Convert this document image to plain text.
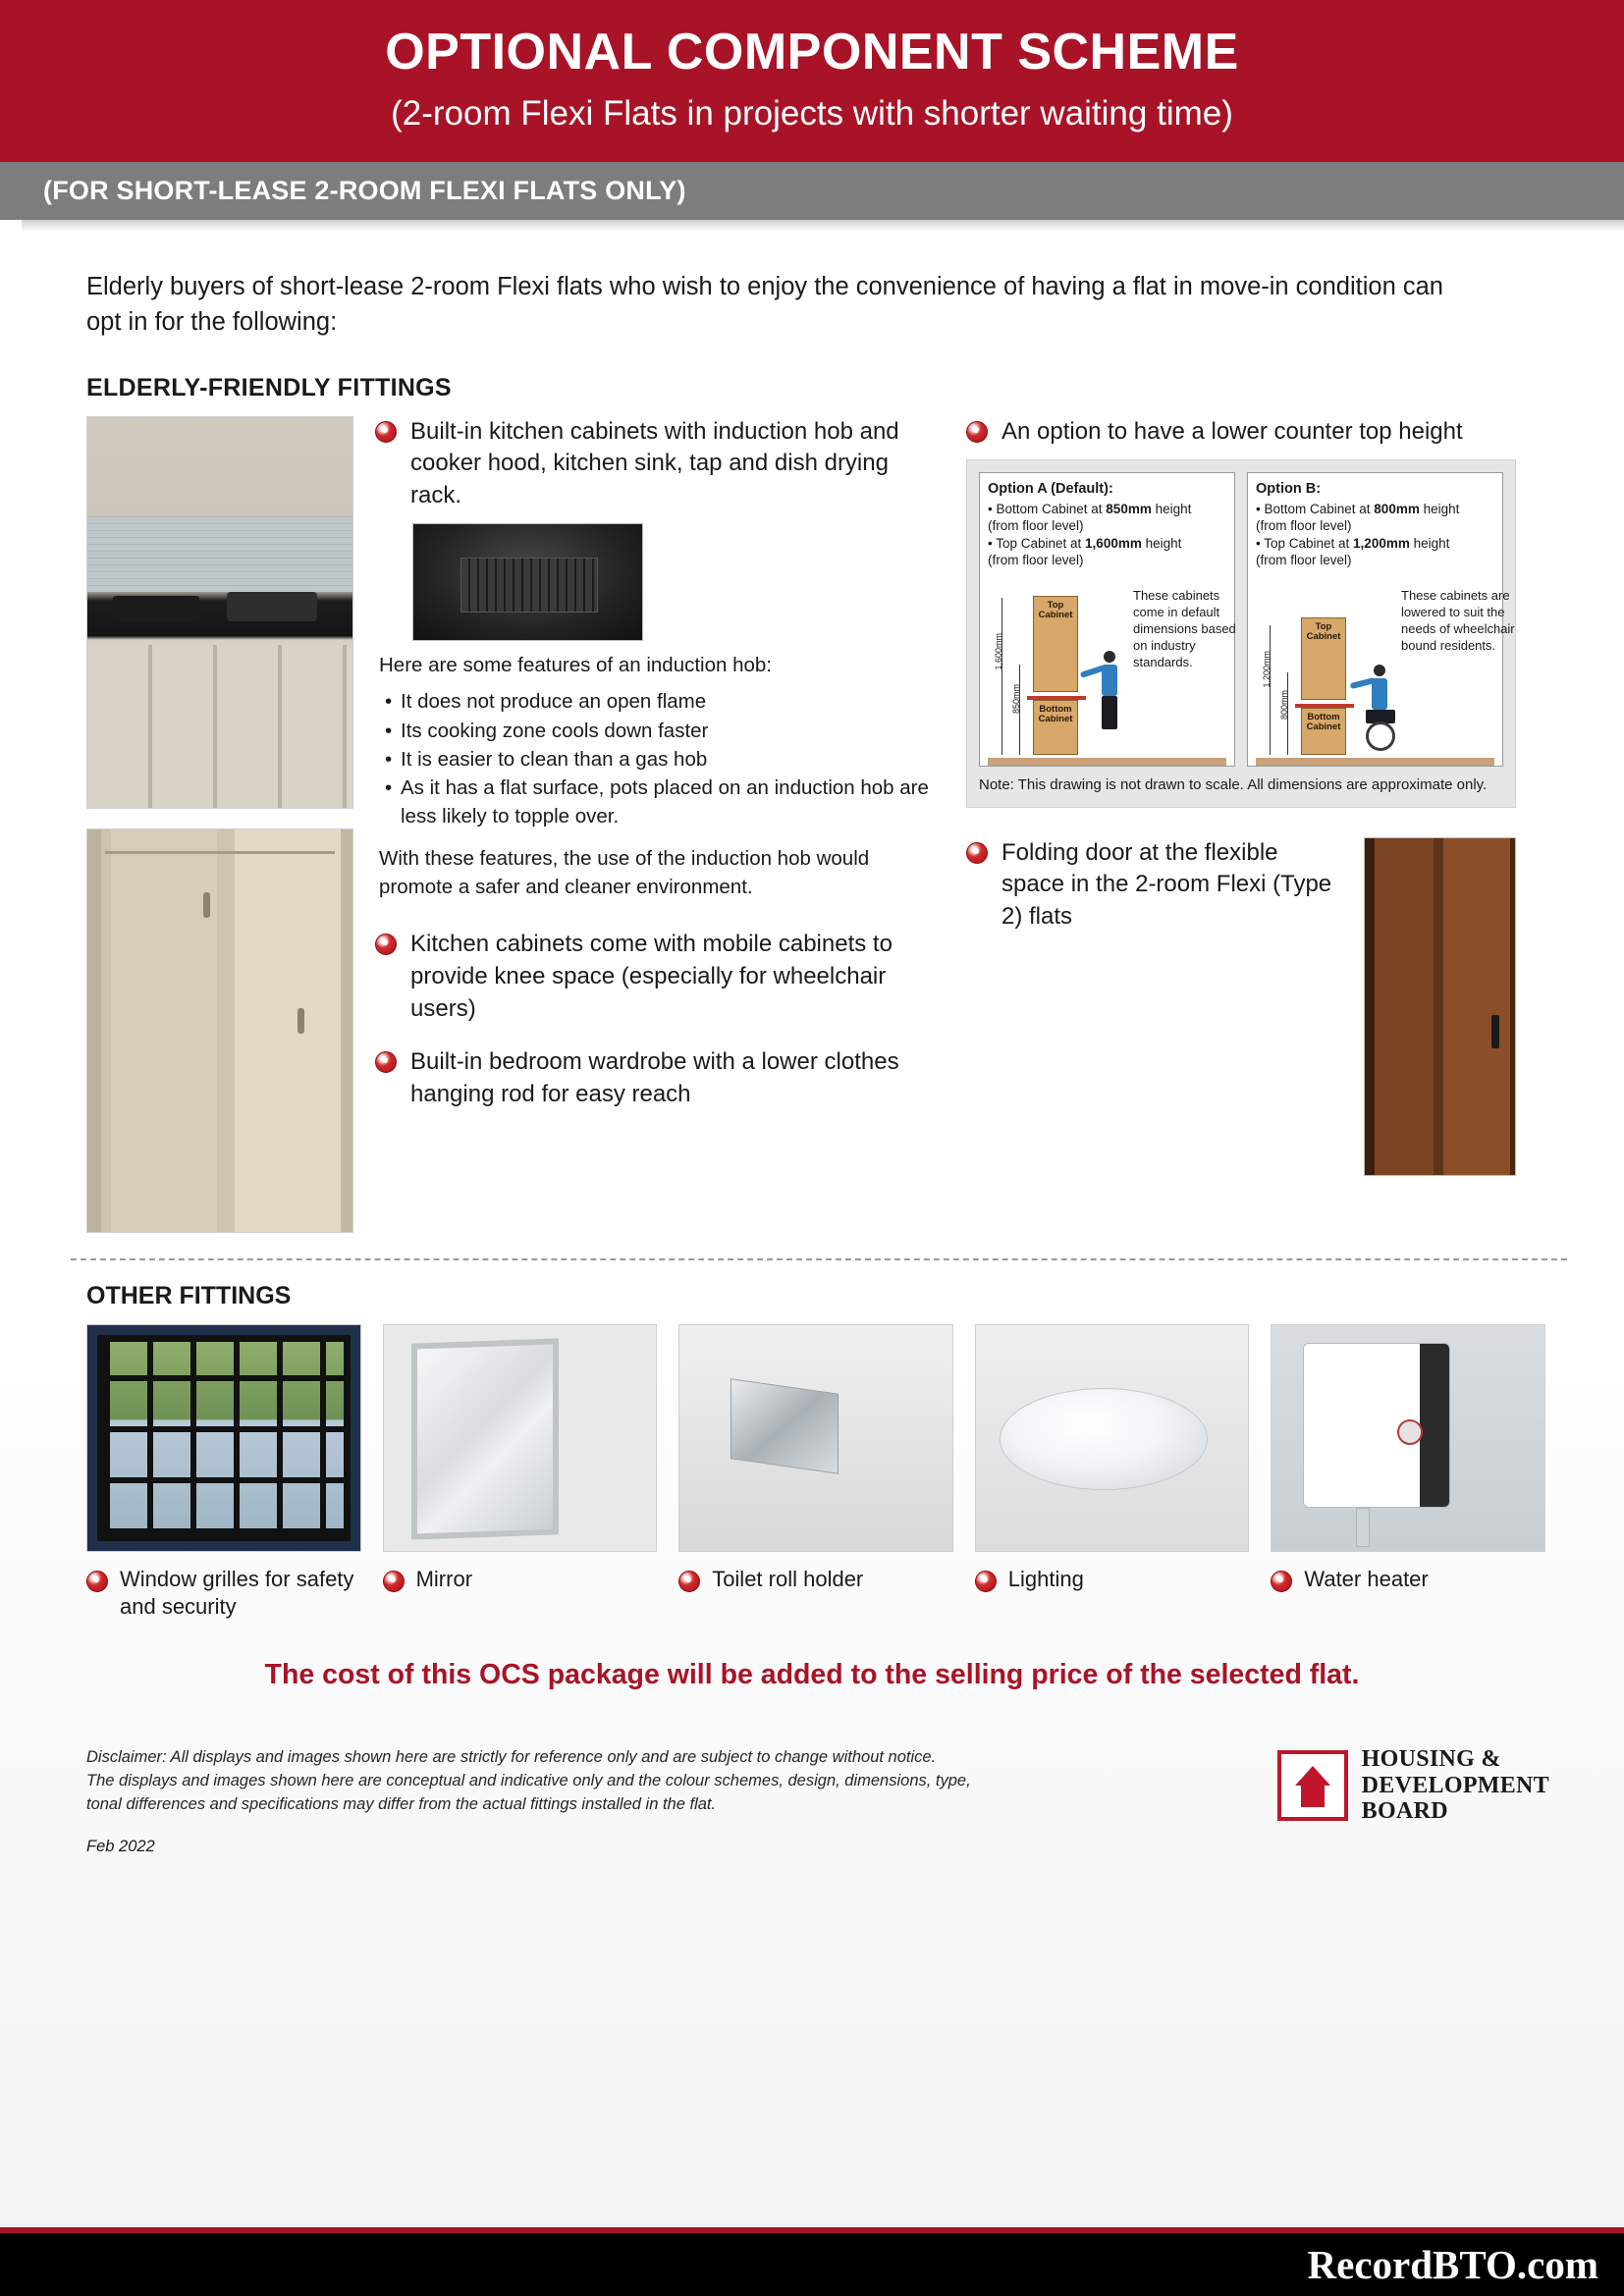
OPTIONAL COMPONENT SCHEME
(2-room Flexi Flats in projects with shorter waiting time)
(FOR SHORT-LEASE 2-ROOM FLEXI FLATS ONLY)

Elderly buyers of short-lease 2-room Flexi flats who wish to enjoy the convenience of having a flat in move-in condition can opt in for the following:

ELDERLY-FRIENDLY FITTINGS
Built-in kitchen cabinets with induction hob and cooker hood, kitchen sink, tap and dish drying rack.

Here are some features of an induction hob:

• It does not produce an open flame
• Its cooking zone cools down faster
• It is easier to clean than a gas hob
• As it has a flat surface, pots placed on an induction hob are less likely to topple over.

With these features, the use of the induction hob would promote a safer and cleaner environment.

Kitchen cabinets come with mobile cabinets to provide knee space (especially for wheelchair users)
Built-in bedroom wardrobe with a lower clothes hanging rod for easy reach
An option to have a lower counter top height
Option A (Default):
• Bottom Cabinet at 850mm height
(from floor level)
• Top Cabinet at 1,600mm height
(from floor level)
1,600mm
850mm
Top Cabinet
Bottom Cabinet
These cabinets come in default dimensions based on industry standards.
Option B:
• Bottom Cabinet at 800mm height
(from floor level)
• Top Cabinet at 1,200mm height
(from floor level)
1,200mm
800mm
Top Cabinet
Bottom Cabinet
These cabinets are lowered to suit the needs of wheelchair bound residents.
Note: This drawing is not drawn to scale. All dimensions are approximate only.
Folding door at the flexible space in the 2-room Flexi (Type 2) flats
OTHER FITTINGS
Window grilles for safety and security
Mirror	Toilet roll holder	Lighting	Water heater
The cost of this OCS package will be added to the selling price of the selected flat.
Disclaimer: All displays and images shown here are strictly for reference only and are subject to change without notice.
The displays and images shown here are conceptual and indicative only and the colour schemes, design, dimensions, type,
tonal differences and specifications may differ from the actual fittings installed in the flat.
Feb 2022
HOUSING &
DEVELOPMENT
BOARD
RecordBTO.com
